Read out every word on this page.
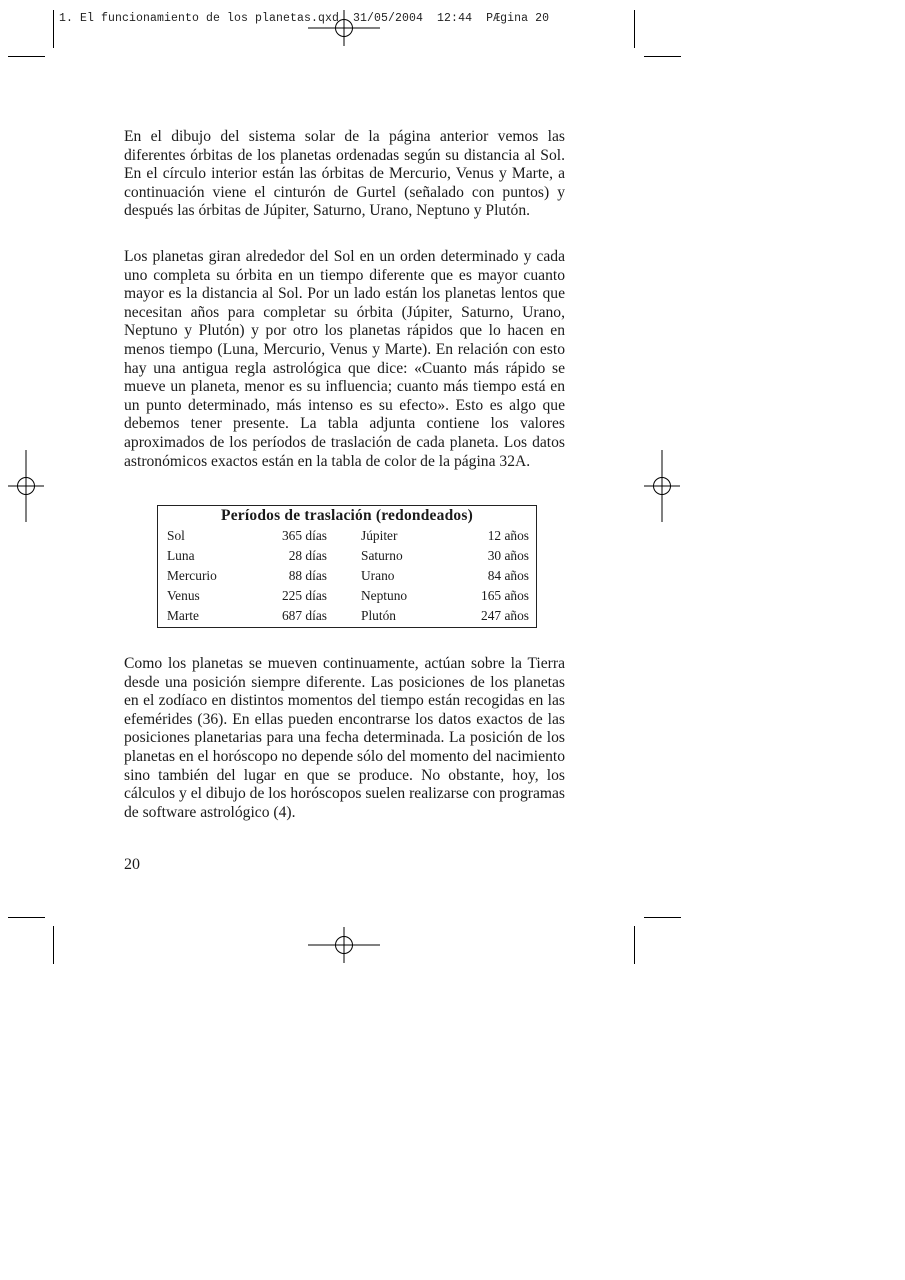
1. El funcionamiento de los planetas.qxd  31/05/2004  12:44  PÆgina 20

En el dibujo del sistema solar de la página anterior vemos las diferentes órbitas de los planetas ordenadas según su distancia al Sol. En el círculo interior están las órbitas de Mercurio, Venus y Marte, a continuación viene el cinturón de Gurtel (señalado con puntos) y después las órbitas de Júpiter, Saturno, Urano, Neptuno y Plutón.

Los planetas giran alrededor del Sol en un orden determinado y cada uno completa su órbita en un tiempo diferente que es mayor cuanto mayor es la distancia al Sol. Por un lado están los planetas lentos que necesitan años para completar su órbita (Júpiter, Saturno, Urano, Neptuno y Plutón) y por otro los planetas rápidos que lo hacen en menos tiempo (Luna, Mercurio, Venus y Marte). En relación con esto hay una antigua regla astrológica que dice: «Cuanto más rápido se mueve un planeta, menor es su influencia; cuanto más tiempo está en un punto determinado, más intenso es su efecto». Esto es algo que debemos tener presente. La tabla adjunta contiene los valores aproximados de los períodos de traslación de cada planeta. Los datos astronómicos exactos están en la tabla de color de la página 32A.

Períodos de traslación (redondeados)
Sol	365 días	Júpiter	12 años
Luna	28 días	Saturno	30 años
Mercurio	88 días	Urano	84 años
Venus	225 días	Neptuno	165 años
Marte	687 días	Plutón	247 años

Como los planetas se mueven continuamente, actúan sobre la Tierra desde una posición siempre diferente. Las posiciones de los planetas en el zodíaco en distintos momentos del tiempo están recogidas en las efemérides (36). En ellas pueden encontrarse los datos exactos de las posiciones planetarias para una fecha determinada. La posición de los planetas en el horóscopo no depende sólo del momento del nacimiento sino también del lugar en que se produce. No obstante, hoy, los cálculos y el dibujo de los horóscopos suelen realizarse con programas de software astrológico (4).

20
